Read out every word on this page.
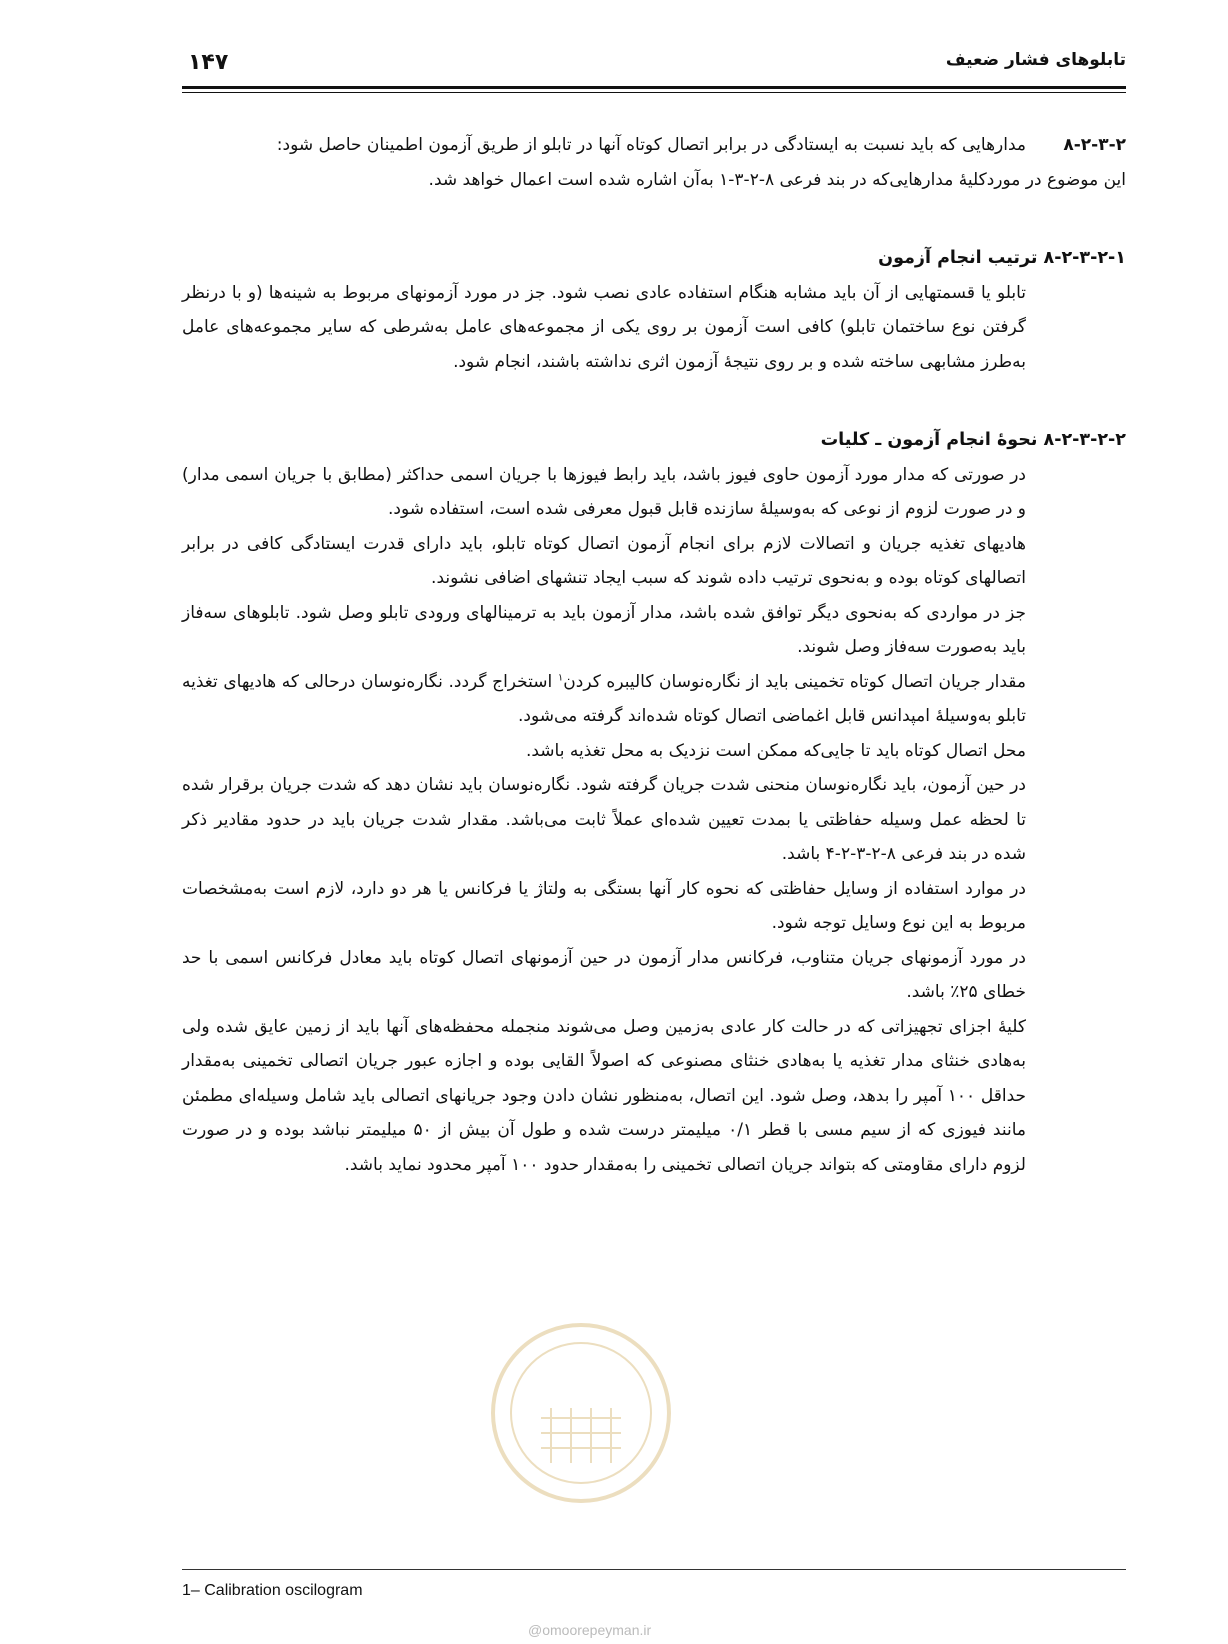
۱۴۷	تابلوهای فشار ضعیف
۸-۲-۳-۲

مدارهایی که باید نسبت به ایستادگی در برابر اتصال کوتاه آنها در تابلو از طریق آزمون اطمینان حاصل شود:

این موضوع در موردکلیهٔ مدارهایی‌که در بند فرعی ۸-۲-۳-۱ به‌آن اشاره شده است اعمال خواهد شد.

۸-۲-۳-۲-۱ ترتیب انجام آزمون

تابلو یا قسمتهایی از آن باید مشابه هنگام استفاده عادی نصب شود. جز در مورد آزمونهای مربوط به شینه‌ها (و با درنظر گرفتن نوع ساختمان تابلو) کافی است آزمون بر روی یکی از مجموعه‌های عامل به‌شرطی که سایر مجموعه‌های عامل به‌طرز مشابهی ساخته شده و بر روی نتیجهٔ آزمون اثری نداشته باشند، انجام شود.

۸-۲-۳-۲-۲ نحوهٔ انجام آزمون ـ کلیات

در صورتی که مدار مورد آزمون حاوی فیوز باشد، باید رابط فیوزها با جریان اسمی حداکثر (مطابق با جریان اسمی مدار) و در صورت لزوم از نوعی که به‌وسیلهٔ سازنده قابل قبول معرفی شده است، استفاده شود.

هادیهای تغذیه جریان و اتصالات لازم برای انجام آزمون اتصال کوتاه تابلو، باید دارای قدرت ایستادگی کافی در برابر اتصالهای کوتاه بوده و به‌نحوی ترتیب داده شوند که سبب ایجاد تنشهای اضافی نشوند.

جز در مواردی که به‌نحوی دیگر توافق شده باشد، مدار آزمون باید به ترمینالهای ورودی تابلو وصل شود. تابلوهای سه‌فاز باید به‌صورت سه‌فاز وصل شوند.

مقدار جریان اتصال کوتاه تخمینی باید از نگاره‌نوسان کالیبره کردن$^۱$ استخراج گردد. نگاره‌نوسان درحالی که هادیهای تغذیه تابلو به‌وسیلهٔ امپدانس قابل اغماضی اتصال کوتاه شده‌اند گرفته می‌شود.

محل اتصال کوتاه باید تا جایی‌که ممکن است نزدیک به محل تغذیه باشد.

در حین آزمون، باید نگاره‌نوسان منحنی شدت جریان گرفته شود. نگاره‌نوسان باید نشان دهد که شدت جریان برقرار شده تا لحظه عمل وسیله حفاظتی یا بمدت تعیین شده‌ای عملاً ثابت می‌باشد. مقدار شدت جریان باید در حدود مقادیر ذکر شده در بند فرعی ۸-۲-۳-۲-۴ باشد.

در موارد استفاده از وسایل حفاظتی که نحوه کار آنها بستگی به ولتاژ یا فرکانس یا هر دو دارد، لازم است به‌مشخصات مربوط به این نوع وسایل توجه شود.

در مورد آزمونهای جریان متناوب، فرکانس مدار آزمون در حین آزمونهای اتصال کوتاه باید معادل فرکانس اسمی با حد خطای ۲۵٪ باشد.

کلیهٔ اجزای تجهیزاتی که در حالت کار عادی به‌زمین وصل می‌شوند منجمله محفظه‌های آنها باید از زمین عایق شده ولی به‌هادی خنثای مدار تغذیه یا به‌هادی خنثای مصنوعی که اصولاً القایی بوده و اجازه عبور جریان اتصالی تخمینی به‌مقدار حداقل ۱۰۰ آمپر را بدهد، وصل شود. این اتصال، به‌منظور نشان دادن وجود جریانهای اتصالی باید شامل وسیله‌ای مطمئن مانند فیوزی که از سیم مسی با قطر ۰/۱ میلیمتر درست شده و طول آن بیش از ۵۰ میلیمتر نباشد بوده و در صورت لزوم دارای مقاومتی که بتواند جریان اتصالی تخمینی را به‌مقدار حدود ۱۰۰ آمپر محدود نماید باشد.

1– Calibration oscilogram
@omoorepeyman.ir
